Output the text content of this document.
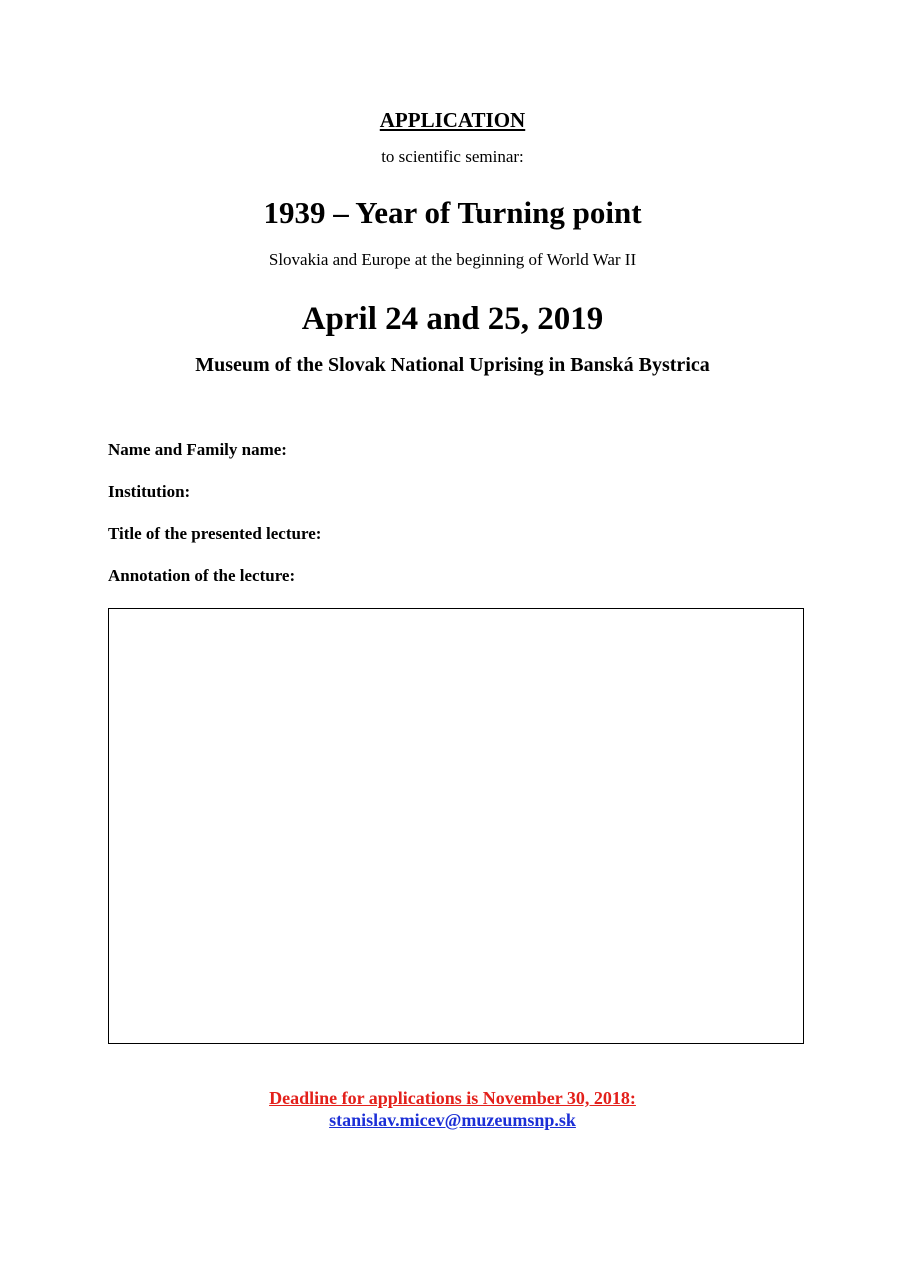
APPLICATION
to scientific seminar:
1939 – Year of Turning point
Slovakia and Europe at the beginning of World War II
April 24 and 25, 2019
Museum of the Slovak National Uprising in Banská Bystrica
Name and Family name:
Institution:
Title of the presented lecture:
Annotation of the lecture:
Deadline for applications is November 30, 2018:
stanislav.micev@muzeumsnp.sk
